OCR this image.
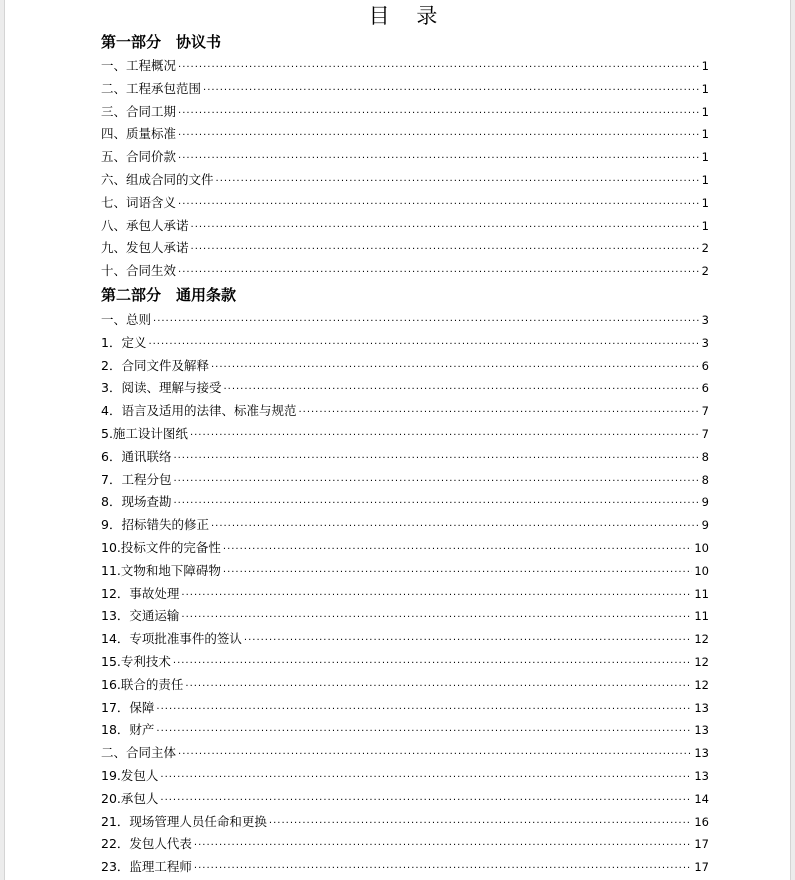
目 录
第一部分　协议书
一、工程概况 ·····	1
二、工程承包范围 ·····	1
三、合同工期 ·····	1
四、质量标准 ·····	1
五、合同价款 ·····	1
六、组成合同的文件 ·····	1
七、词语含义 ·····	1
八、承包人承诺 ·····	1
九、发包人承诺 ·····	2
十、合同生效 ·····	2
第二部分　通用条款
一、总则 ·····	3
1．定义 ·····	3
2．合同文件及解释 ·····	6
3．阅读、理解与接受 ·····	6
4．语言及适用的法律、标准与规范 ·····	7
5.施工设计图纸 ·····	7
6．通讯联络 ·····	8
7．工程分包 ·····	8
8．现场查勘 ·····	9
9．招标错失的修正 ·····	9
10.投标文件的完备性 ·····	10
11.文物和地下障碍物 ·····	10
12．事故处理 ·····	11
13．交通运输 ·····	11
14．专项批准事件的签认 ·····	12
15.专利技术 ·····	12
16.联合的责任 ·····	12
17．保障 ·····	13
18．财产 ·····	13
二、合同主体 ·····	13
19.发包人 ·····	13
20.承包人 ·····	14
21．现场管理人员任命和更换 ·····	16
22．发包人代表 ·····	17
23．监理工程师 ·····	17
